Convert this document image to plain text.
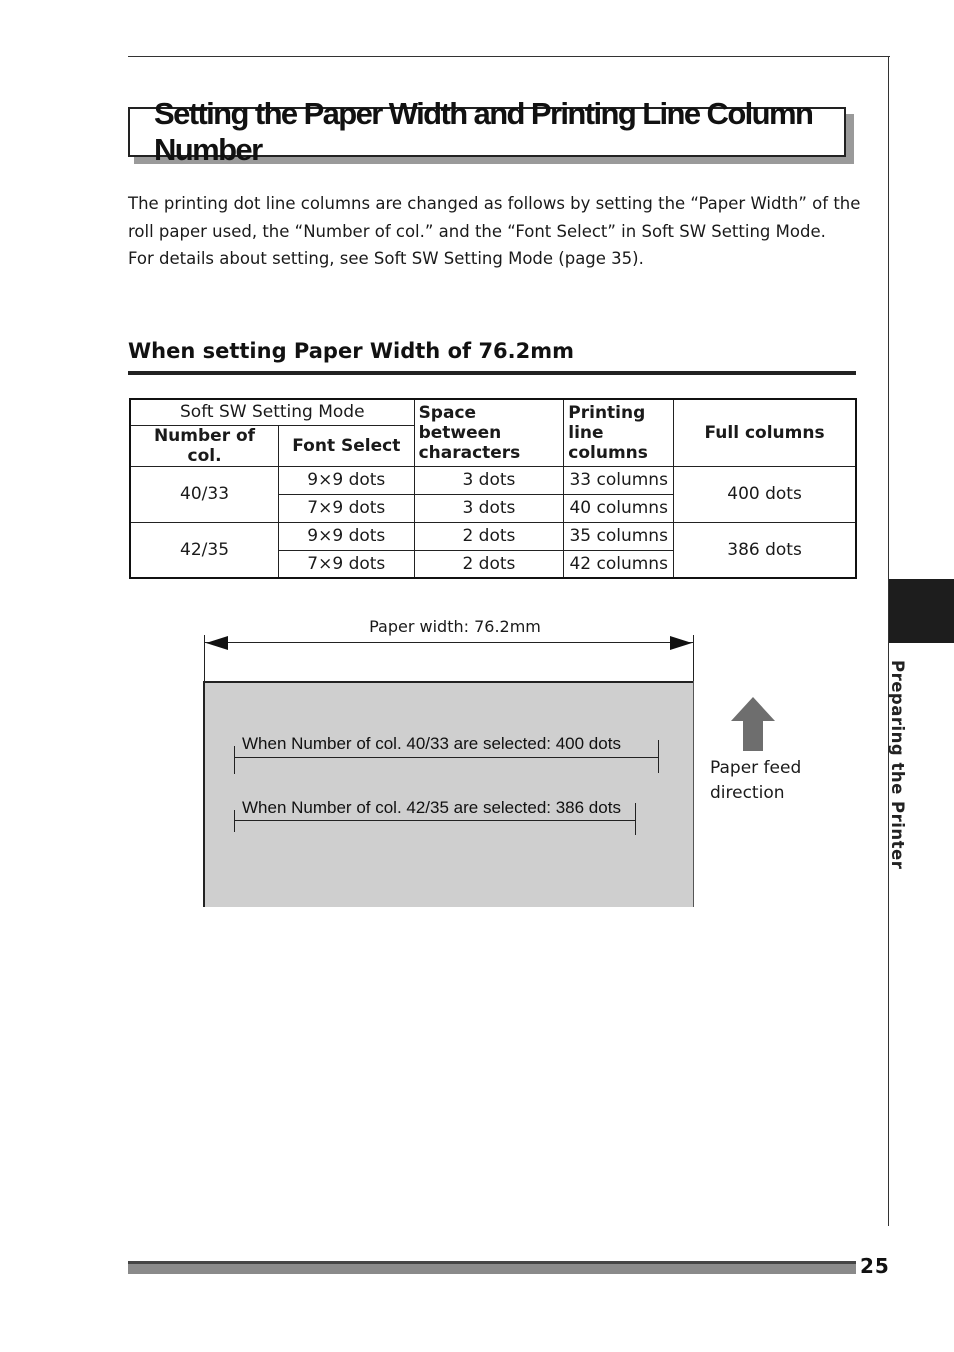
Setting the Paper Width and Printing Line Column Number
The printing dot line columns are changed as follows by setting the “Paper Width” of the
roll paper used, the “Number of col.” and the “Font Select” in Soft SW Setting Mode.
For details about setting, see Soft SW Setting Mode (page 35).
When setting Paper Width of 76.2mm
Soft SW Setting Mode		Space between characters	Printing line columns	Full columns
Number of col.	Font Select			
40/33	9×9 dots	3 dots	33 columns	400 dots
	7×9 dots	3 dots	40 columns	
42/35	9×9 dots	2 dots	35 columns	386 dots
	7×9 dots	2 dots	42 columns	
Paper width: 76.2mm
When Number of col. 40/33 are selected: 400 dots
When Number of col. 42/35 are selected: 386 dots
Paper feed
direction	Preparing the Printer
25
